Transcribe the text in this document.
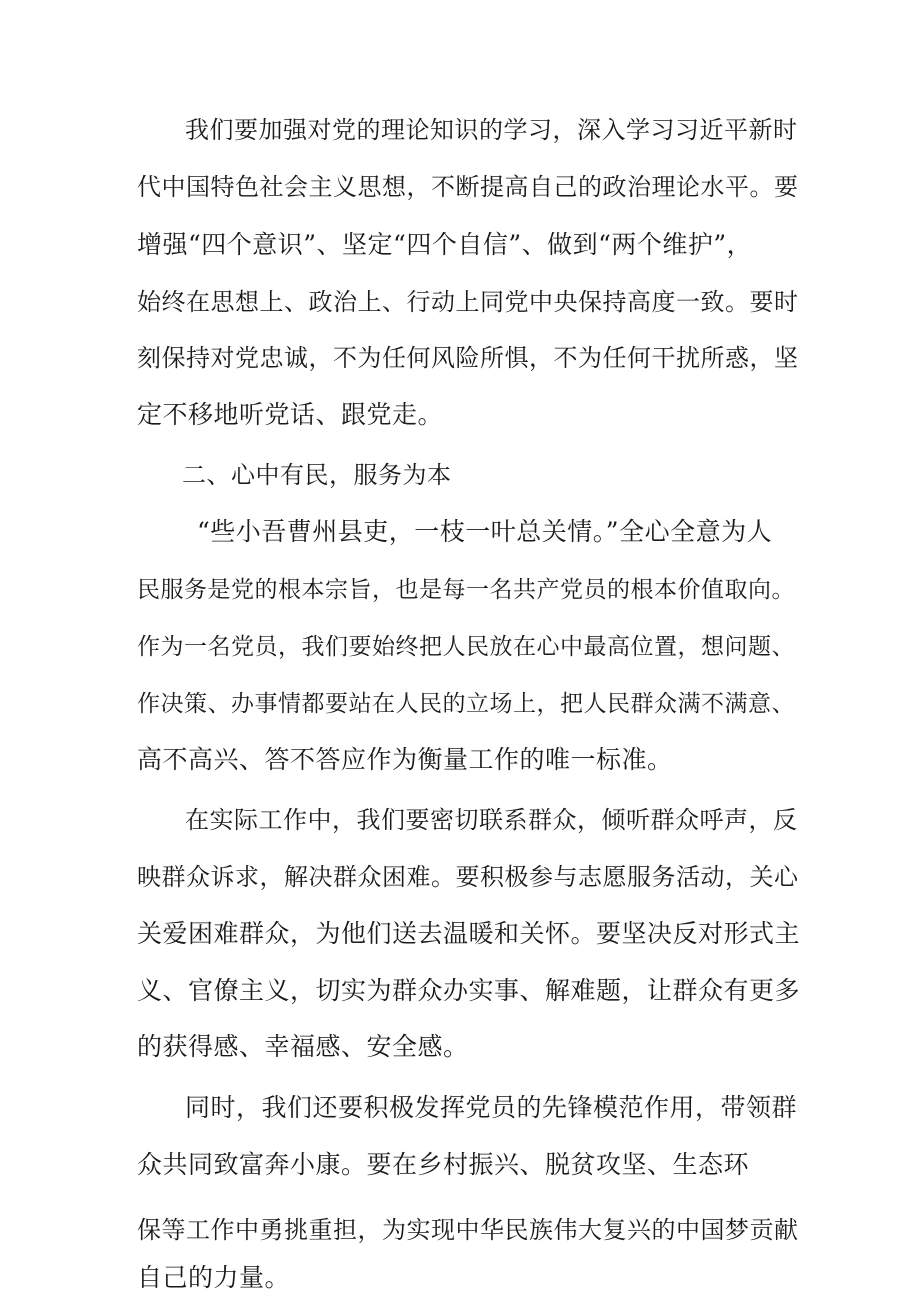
我们要加强对党的理论知识的学习，深入学习习近平新时
代中国特色社会主义思想，不断提高自己的政治理论水平。要
增强“四个意识”、坚定“四个自信”、做到“两个维护”，
始终在思想上、政治上、行动上同党中央保持高度一致。要时
刻保持对党忠诚，不为任何风险所惧，不为任何干扰所惑，坚
定不移地听党话、跟党走。
二、心中有民，服务为本
“些小吾曹州县吏，一枝一叶总关情。”全心全意为人
民服务是党的根本宗旨，也是每一名共产党员的根本价值取向。
作为一名党员，我们要始终把人民放在心中最高位置，想问题、
作决策、办事情都要站在人民的立场上，把人民群众满不满意、
高不高兴、答不答应作为衡量工作的唯一标准。
在实际工作中，我们要密切联系群众，倾听群众呼声，反
映群众诉求，解决群众困难。要积极参与志愿服务活动，关心
关爱困难群众，为他们送去温暖和关怀。要坚决反对形式主
义、官僚主义，切实为群众办实事、解难题，让群众有更多
的获得感、幸福感、安全感。
同时，我们还要积极发挥党员的先锋模范作用，带领群
众共同致富奔小康。要在乡村振兴、脱贫攻坚、生态环
保等工作中勇挑重担，为实现中华民族伟大复兴的中国梦贡献
自己的力量。
